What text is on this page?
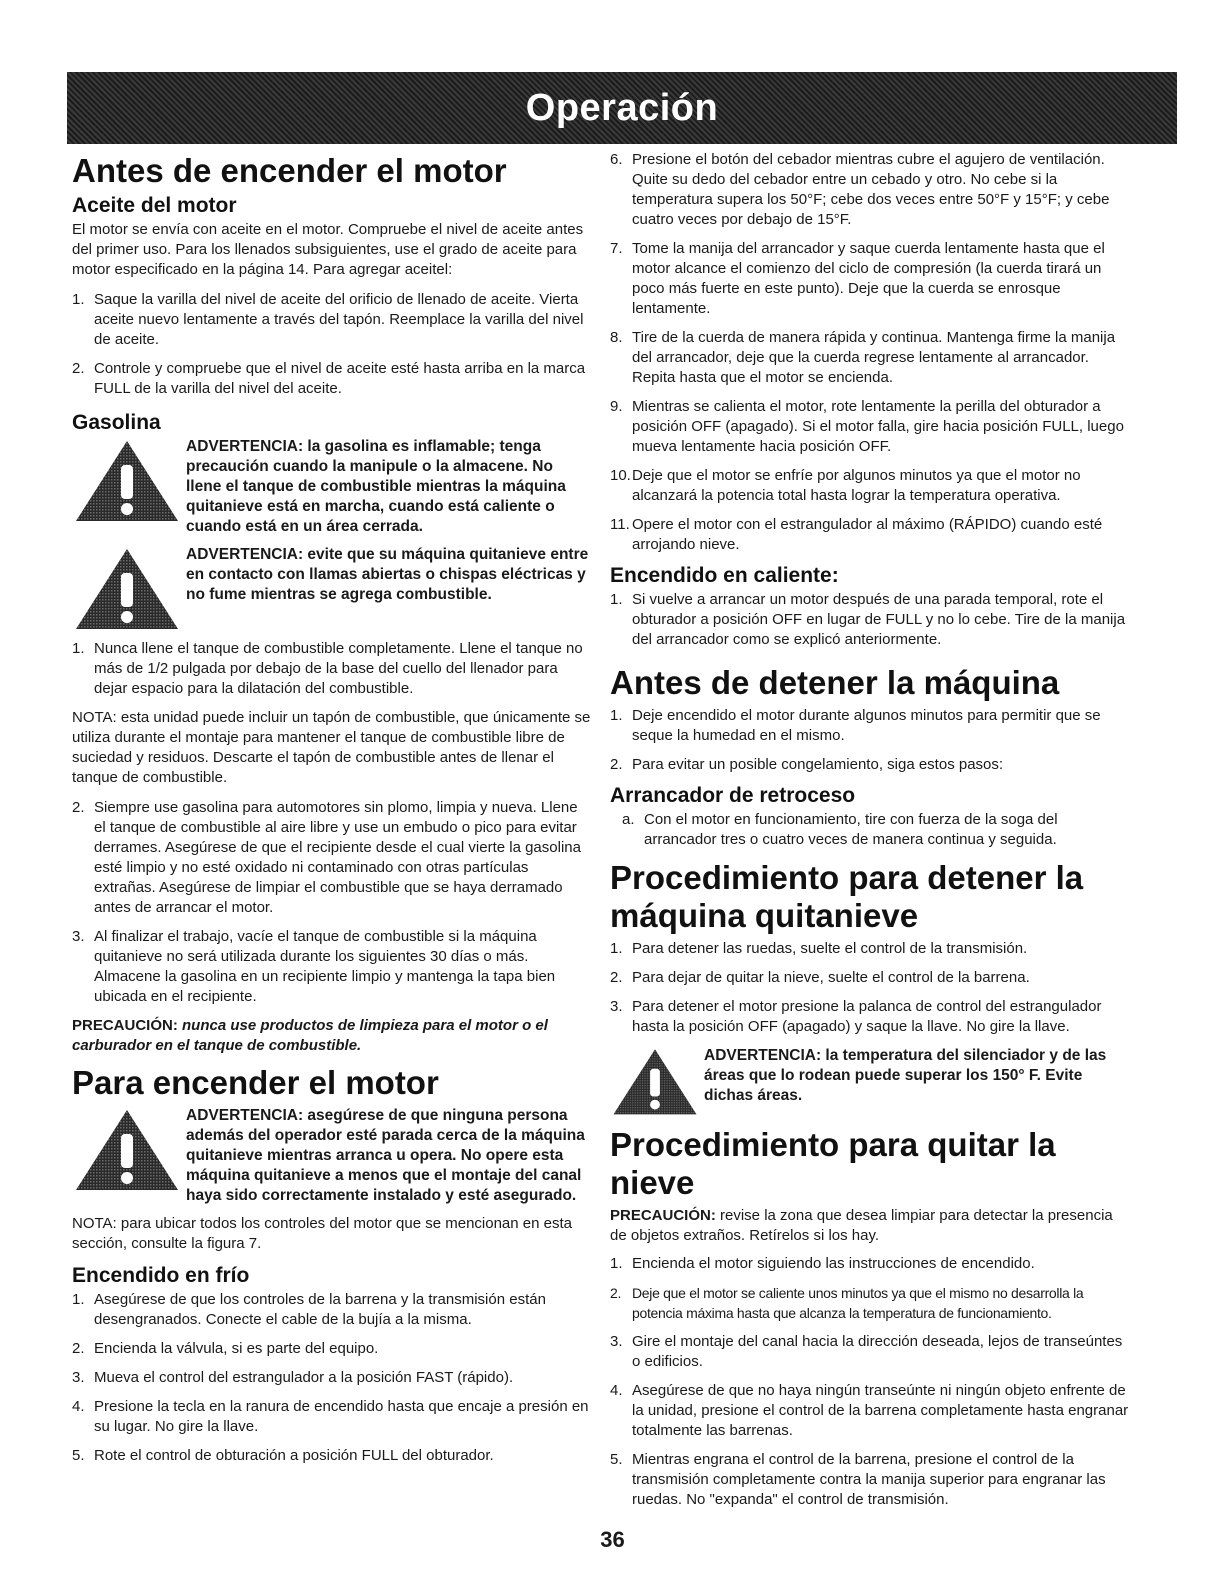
Operación
Antes de encender el motor
Aceite del motor

El motor se envía con aceite en el motor. Compruebe el nivel de aceite antes del primer uso. Para los llenados subsiguientes, use el grado de aceite para motor especificado en la página 14. Para agregar aceitel:

1. Saque la varilla del nivel de aceite del orificio de llenado de aceite. Vierta aceite nuevo lentamente a través del tapón. Reemplace la varilla del nivel de aceite.
2. Controle y compruebe que el nivel de aceite esté hasta arriba en la marca FULL de la varilla del nivel del aceite.
Gasolina
ADVERTENCIA: la gasolina es inflamable; tenga precaución cuando la manipule o la almacene. No llene el tanque de combustible mientras la máquina quitanieve está en marcha, cuando está caliente o cuando está en un área cerrada.
ADVERTENCIA: evite que su máquina quitanieve entre en contacto con llamas abiertas o chispas eléctricas y no fume mientras se agrega combustible.
1. Nunca llene el tanque de combustible completamente. Llene el tanque no más de 1/2 pulgada por debajo de la base del cuello del llenador para dejar espacio para la dilatación del combustible.

NOTA: esta unidad puede incluir un tapón de combustible, que únicamente se utiliza durante el montaje para mantener el tanque de combustible libre de suciedad y residuos. Descarte el tapón de combustible antes de llenar el tanque de combustible.

2. Siempre use gasolina para automotores sin plomo, limpia y nueva. Llene el tanque de combustible al aire libre y use un embudo o pico para evitar derrames. Asegúrese de que el recipiente desde el cual vierte la gasolina esté limpio y no esté oxidado ni contaminado con otras partículas extrañas. Asegúrese de limpiar el combustible que se haya derramado antes de arrancar el motor.
3. Al finalizar el trabajo, vacíe el tanque de combustible si la máquina quitanieve no será utilizada durante los siguientes 30 días o más. Almacene la gasolina en un recipiente limpio y mantenga la tapa bien ubicada en el recipiente.
PRECAUCIÓN: nunca use productos de limpieza para el motor o el carburador en el tanque de combustible.
Para encender el motor
ADVERTENCIA: asegúrese de que ninguna persona además del operador esté parada cerca de la máquina quitanieve mientras arranca u opera. No opere esta máquina quitanieve a menos que el montaje del canal haya sido correctamente instalado y esté asegurado.

NOTA: para ubicar todos los controles del motor que se mencionan en esta sección, consulte la figura 7.

Encendido en frío
1. Asegúrese de que los controles de la barrena y la transmisión están desengranados. Conecte el cable de la bujía a la misma.
2. Encienda la válvula, si es parte del equipo.
3. Mueva el control del estrangulador a la posición FAST (rápido).
4. Presione la tecla en la ranura de encendido hasta que encaje a presión en su lugar. No gire la llave.
5. Rote el control de obturación a posición FULL del obturador.
6. Presione el botón del cebador mientras cubre el agujero de ventilación. Quite su dedo del cebador entre un cebado y otro. No cebe si la temperatura supera los 50°F; cebe dos veces entre 50°F y 15°F; y cebe cuatro veces por debajo de 15°F.
7. Tome la manija del arrancador y saque cuerda lentamente hasta que el motor alcance el comienzo del ciclo de compresión (la cuerda tirará un poco más fuerte en este punto). Deje que la cuerda se enrosque lentamente.
8. Tire de la cuerda de manera rápida y continua. Mantenga firme la manija del arrancador, deje que la cuerda regrese lentamente al arrancador. Repita hasta que el motor se encienda.
9. Mientras se calienta el motor, rote lentamente la perilla del obturador a posición OFF (apagado). Si el motor falla, gire hacia posición FULL, luego mueva lentamente hacia posición OFF.
10. Deje que el motor se enfríe por algunos minutos ya que el motor no alcanzará la potencia total hasta lograr la temperatura operativa.
11. Opere el motor con el estrangulador al máximo (RÁPIDO) cuando esté arrojando nieve.
Encendido en caliente:
1. Si vuelve a arrancar un motor después de una parada temporal, rote el obturador a posición OFF en lugar de FULL y no lo cebe. Tire de la manija del arrancador como se explicó anteriormente.
Antes de detener la máquina
1. Deje encendido el motor durante algunos minutos para permitir que se seque la humedad en el mismo.
2. Para evitar un posible congelamiento, siga estos pasos:
Arrancador de retroceso
a. Con el motor en funcionamiento, tire con fuerza de la soga del arrancador tres o cuatro veces de manera continua y seguida.
Procedimiento para detener la máquina quitanieve
1. Para detener las ruedas, suelte el control de la transmisión.
2. Para dejar de quitar la nieve, suelte el control de la barrena.
3. Para detener el motor presione la palanca de control del estrangulador hasta la posición OFF (apagado) y saque la llave. No gire la llave.
ADVERTENCIA: la temperatura del silenciador y de las áreas que lo rodean puede superar los 150° F. Evite dichas áreas.
Procedimiento para quitar la nieve
PRECAUCIÓN: revise la zona que desea limpiar para detectar la presencia de objetos extraños. Retírelos si los hay.
1. Encienda el motor siguiendo las instrucciones de encendido.
2. Deje que el motor se caliente unos minutos ya que el mismo no desarrolla la potencia máxima hasta que alcanza la temperatura de funcionamiento.
3. Gire el montaje del canal hacia la dirección deseada, lejos de transeúntes o edificios.
4. Asegúrese de que no haya ningún transeúnte ni ningún objeto enfrente de la unidad, presione el control de la barrena completamente hasta engranar totalmente las barrenas.
5. Mientras engrana el control de la barrena, presione el control de la transmisión completamente contra la manija superior para engranar las ruedas. No "expanda" el control de transmisión.
36
